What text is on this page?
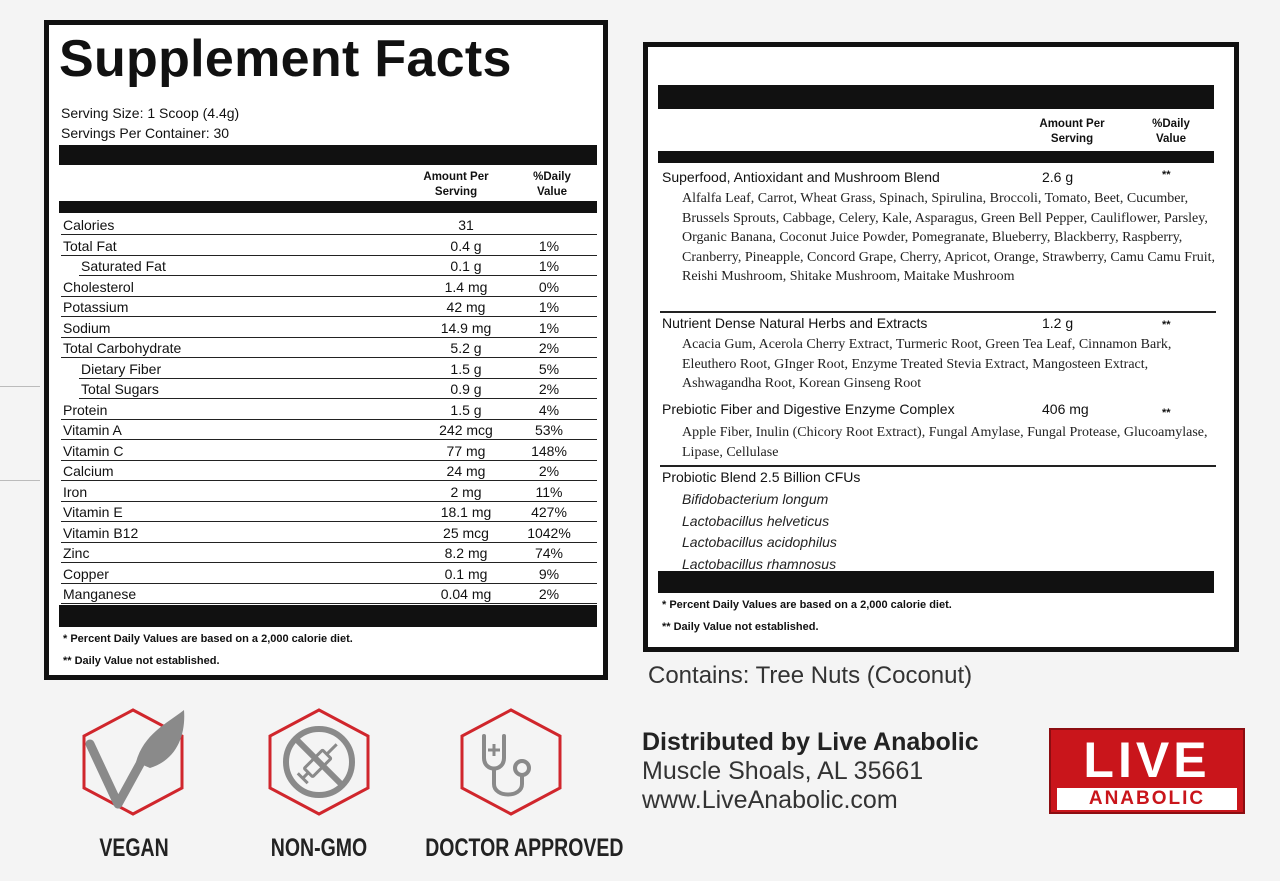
Supplement Facts
Serving Size: 1 Scoop (4.4g)
Servings Per Container: 30
Amount Per
Serving
%Daily
Value
Calories	31
Total Fat	0.4 g	1%
Saturated Fat	0.1 g	1%
Cholesterol	1.4 mg	0%
Potassium	42 mg	1%
Sodium	14.9 mg	1%
Total Carbohydrate	5.2 g	2%
Dietary Fiber	1.5 g	5%
Total Sugars	0.9 g	2%
Protein	1.5 g	4%
Vitamin A	242 mcg	53%
Vitamin C	77 mg	148%
Calcium	24 mg	2%
Iron	2 mg	11%
Vitamin E	18.1 mg	427%
Vitamin B12	25 mcg	1042%
Zinc	8.2 mg	74%
Copper	0.1 mg	9%
Manganese	0.04 mg	2%
* Percent Daily Values are based on a 2,000 calorie diet.
** Daily Value not established.
Amount Per
Serving
%Daily
Value
Superfood, Antioxidant and Mushroom Blend	2.6 g	**
Alfalfa Leaf, Carrot, Wheat Grass, Spinach, Spirulina, Broccoli, Tomato, Beet, Cucumber, Brussels Sprouts, Cabbage, Celery, Kale, Asparagus, Green Bell Pepper, Cauliflower, Parsley, Organic Banana, Coconut Juice Powder, Pomegranate, Blueberry, Blackberry, Raspberry, Cranberry, Pineapple, Concord Grape, Cherry, Apricot, Orange, Strawberry, Camu Camu Fruit, Reishi Mushroom, Shitake Mushroom, Maitake Mushroom
Nutrient Dense Natural Herbs and Extracts	1.2 g	**
Acacia Gum, Acerola Cherry Extract, Turmeric Root, Green Tea Leaf, Cinnamon Bark, Eleuthero Root, GInger Root, Enzyme Treated Stevia Extract, Mangosteen Extract, Ashwagandha Root, Korean Ginseng Root
Prebiotic Fiber and Digestive Enzyme Complex	406 mg	**
Apple Fiber, Inulin (Chicory Root Extract), Fungal Amylase, Fungal Protease, Glucoamylase, Lipase, Cellulase
Probiotic Blend 2.5 Billion CFUs
Bifidobacterium longum
Lactobacillus helveticus
Lactobacillus acidophilus
Lactobacillus rhamnosus
* Percent Daily Values are based on a 2,000 calorie diet.
** Daily Value not established.
Contains: Tree Nuts (Coconut)
VEGAN	NON-GMO	DOCTOR APPROVED
Distributed by Live Anabolic
Muscle Shoals, AL 35661
www.LiveAnabolic.com
LIVE
ANABOLIC
